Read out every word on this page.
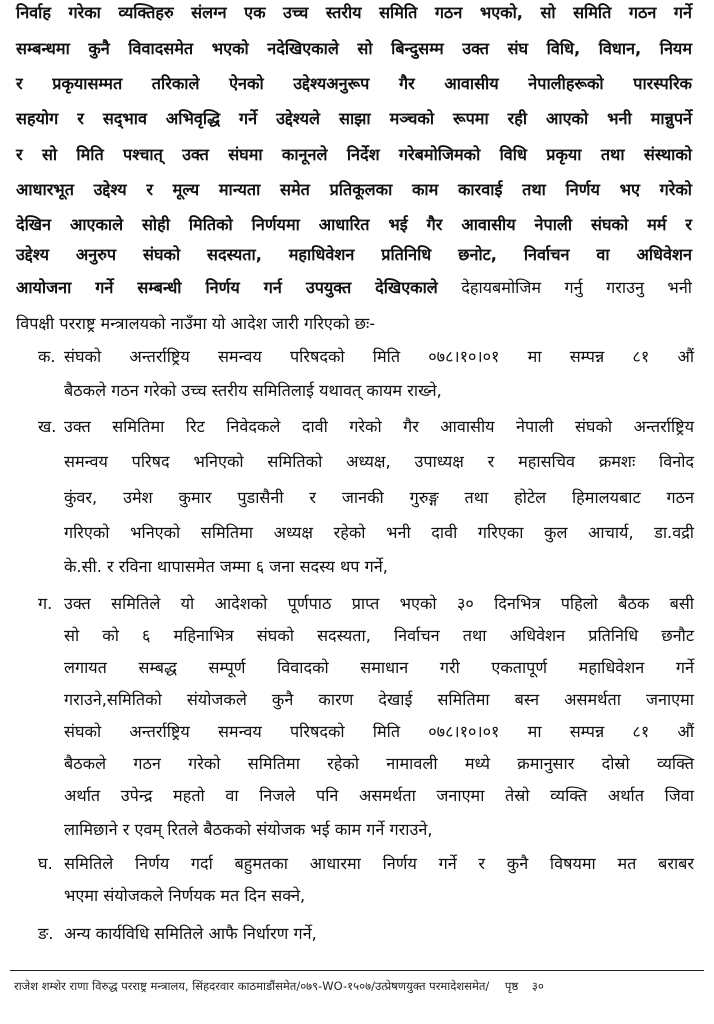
निर्वाह गरेका व्यक्तिहरु संलग्न एक उच्च स्तरीय समिति गठन भएको, सो समिति गठन गर्ने
सम्बन्धमा कुनै विवादसमेत भएको नदेखिएकाले सो बिन्दुसम्म उक्त संघ विधि, विधान, नियम
र प्रकृयासम्मत तरिकाले ऐनको उद्देश्यअनुरूप गैर आवासीय नेपालीहरूको पारस्परिक
सहयोग र सद्‌भाव अभिवृद्धि गर्ने उद्देश्यले साझा मञ्चको रूपमा रही आएको भनी मान्नुपर्ने
र सो मिति पश्चात् उक्त संघमा कानूनले निर्देश गरेबमोजिमको विधि प्रकृया तथा संस्थाको
आधारभूत उद्देश्य र मूल्य मान्यता समेत प्रतिकूलका काम कारवाई तथा निर्णय भए गरेको
देखिन आएकाले सोही मितिको निर्णयमा आधारित भई गैर आवासीय नेपाली संघको मर्म र
उद्देश्य अनुरुप संघको सदस्यता, महाधिवेशन प्रतिनिधि छनोट, निर्वाचन वा अधिवेशन
आयोजना गर्ने सम्बन्धी निर्णय गर्न उपयुक्त देखिएकाले देहायबमोजिम गर्नु गराउनु भनी
विपक्षी परराष्ट्र मन्त्रालयको नाउँमा यो आदेश जारी गरिएको छः-
क. संघको अन्तर्राष्ट्रिय समन्वय परिषदको मिति ०७८।१०।०१ मा सम्पन्न ८१ औं
बैठकले गठन गरेको उच्च स्तरीय समितिलाई यथावत् कायम राख्ने,
ख. उक्त समितिमा रिट निवेदकले दावी गरेको गैर आवासीय नेपाली संघको अन्तर्राष्ट्रिय
समन्वय परिषद भनिएको समितिको अध्यक्ष, उपाध्यक्ष र महासचिव क्रमशः विनोद
कुंवर, उमेश कुमार पुडासैनी र जानकी गुरुङ्ग तथा होटेल हिमालयबाट गठन
गरिएको भनिएको समितिमा अध्यक्ष रहेको भनी दावी गरिएका कुल आचार्य, डा.वद्री
के.सी. र रविना थापासमेत जम्मा ६ जना सदस्य थप गर्ने,
ग. उक्त समितिले यो आदेशको पूर्णपाठ प्राप्त भएको ३० दिनभित्र पहिलो बैठक बसी
सो को ६ महिनाभित्र संघको सदस्यता, निर्वाचन तथा अधिवेशन प्रतिनिधि छनौट
लगायत सम्बद्ध सम्पूर्ण विवादको समाधान गरी एकतापूर्ण महाधिवेशन गर्ने
गराउने,समितिको संयोजकले कुनै कारण देखाई समितिमा बस्न असमर्थता जनाएमा
संघको अन्तर्राष्ट्रिय समन्वय परिषदको मिति ०७८।१०।०१ मा सम्पन्न ८१ औं
बैठकले गठन गरेको समितिमा रहेको नामावली मध्ये क्रमानुसार दोस्रो व्यक्ति
अर्थात उपेन्द्र महतो वा निजले पनि असमर्थता जनाएमा तेस्रो व्यक्ति अर्थात जिवा
लामिछाने र एवम् रितले बैठकको संयोजक भई काम गर्ने गराउने,
घ. समितिले निर्णय गर्दा बहुमतका आधारमा निर्णय गर्ने र कुनै विषयमा मत बराबर
भएमा संयोजकले निर्णयक मत दिन सक्ने,
ङ. अन्य कार्यविधि समितिले आफै निर्धारण गर्ने,
राजेश शम्शेर राणा विरुद्ध परराष्ट्र मन्त्रालय, सिंहदरवार काठमाडौंसमेत/०७९-WO-१५०७/उत्प्रेषणयुक्त परमादेशसमेत/ पृष्ठ ३०
